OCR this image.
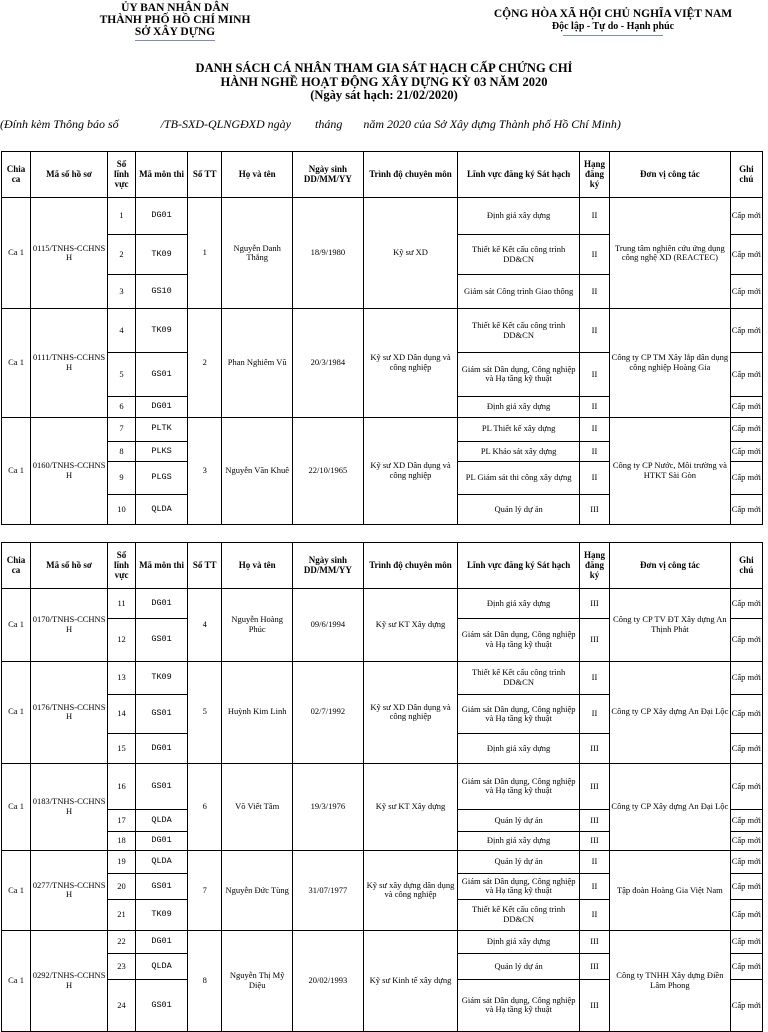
ỦY BAN NHÂN DÂN
THÀNH PHỐ HỒ CHÍ MINH
SỞ XÂY DỰNG
CỘNG HÒA XÃ HỘI CHỦ NGHĨA VIỆT NAM
Độc lập - Tự do - Hạnh phúc
DANH SÁCH CÁ NHÂN THAM GIA SÁT HẠCH CẤP CHỨNG CHỈ
HÀNH NGHỀ HOẠT ĐỘNG XÂY DỰNG KỲ 03 NĂM 2020
(Ngày sát hạch: 21/02/2020)
(Đính kèm Thông báo số              /TB-SXD-QLNGĐXD ngày        tháng       năm 2020 của Sở Xây dựng Thành phố Hồ Chí Minh)
Chia ca	Mã số hồ sơ	Số lĩnh vực	Mã môn thi	Số TT	Họ và tên	Ngày sinh DD/MM/YY	Trình độ chuyên môn	Lĩnh vực đăng ký Sát hạch	Hạng đăng ký	Đơn vị công tác	Ghi chú
Ca 1	0115/TNHS-CCHNSH	1	DG01	1	Nguyễn Danh Thắng	18/9/1980	Kỹ sư XD	Định giá xây dựng	II	Trung tâm nghiên cứu ứng dụng công nghệ XD (REACTEC)	Cấp mới
		2	TK09					Thiết kế Kết cấu công trình DD&CN	II		Cấp mới
		3	GS10					Giám sát Công trình Giao thông	II		Cấp mới
Ca 1	0111/TNHS-CCHNSH	4	TK09	2	Phan Nghiêm Vũ	20/3/1984	Kỹ sư XD Dân dụng và công nghiệp	Thiết kế Kết cấu công trình DD&CN	II	Công ty CP TM Xây lắp dân dụng công nghiệp Hoàng Gia	Cấp mới
		5	GS01					Giám sát Dân dụng, Công nghiệp và Hạ tầng kỹ thuật	II		Cấp mới
		6	DG01					Định giá xây dựng	II		Cấp mới
Ca 1	0160/TNHS-CCHNSH	7	PLTK	3	Nguyễn Văn Khuê	22/10/1965	Kỹ sư XD Dân dụng và công nghiệp	PL Thiết kế xây dựng	II	Công ty CP Nước, Môi trường và HTKT Sài Gòn	Cấp mới
		8	PLKS					PL Khảo sát xây dựng	II		Cấp mới
		9	PLGS					PL Giám sát thi công xây dựng	II		Cấp mới
		10	QLDA					Quản lý dự án	III		Cấp mới
Chia ca	Mã số hồ sơ	Số lĩnh vực	Mã môn thi	Số TT	Họ và tên	Ngày sinh DD/MM/YY	Trình độ chuyên môn	Lĩnh vực đăng ký Sát hạch	Hạng đăng ký	Đơn vị công tác	Ghi chú
Ca 1	0170/TNHS-CCHNSH	11	DG01	4	Nguyễn Hoàng Phúc	09/6/1994	Kỹ sư KT Xây dựng	Định giá xây dựng	III	Công ty CP TV ĐT Xây dựng An Thịnh Phát	Cấp mới
		12	GS01					Giám sát Dân dụng, Công nghiệp và Hạ tầng kỹ thuật	III		Cấp mới
Ca 1	0176/TNHS-CCHNSH	13	TK09	5	Huỳnh Kim Linh	02/7/1992	Kỹ sư XD Dân dụng và công nghiệp	Thiết kế Kết cấu công trình DD&CN	II	Công ty CP Xây dựng An Đại Lộc	Cấp mới
		14	GS01					Giám sát Dân dụng, Công nghiệp và Hạ tầng kỹ thuật	II		Cấp mới
		15	DG01					Định giá xây dựng	III		Cấp mới
Ca 1	0183/TNHS-CCHNSH	16	GS01	6	Võ Viết Tâm	19/3/1976	Kỹ sư KT Xây dựng	Giám sát Dân dụng, Công nghiệp và Hạ tầng kỹ thuật	III	Công ty CP Xây dựng An Đại Lộc	Cấp mới
		17	QLDA					Quản lý dự án	III		Cấp mới
		18	DG01					Định giá xây dựng	III		Cấp mới
Ca 1	0277/TNHS-CCHNSH	19	QLDA	7	Nguyễn Đức Tùng	31/07/1977	Kỹ sư xây dựng dân dụng và công nghiệp	Quản lý dự án	II	Tập đoàn Hoàng Gia Việt Nam	Cấp mới
		20	GS01					Giám sát Dân dụng, Công nghiệp và Hạ tầng kỹ thuật	II		Cấp mới
		21	TK09					Thiết kế Kết cấu công trình DD&CN	II		Cấp mới
Ca 1	0292/TNHS-CCHNSH	22	DG01	8	Nguyễn Thị Mỹ Diệu	20/02/1993	Kỹ sư Kinh tế xây dựng	Định giá xây dựng	III	Công ty TNHH Xây dựng Điền Lâm Phong	Cấp mới
		23	QLDA					Quản lý dự án	III		Cấp mới
		24	GS01					Giám sát Dân dụng, Công nghiệp và Hạ tầng kỹ thuật	III		Cấp mới
